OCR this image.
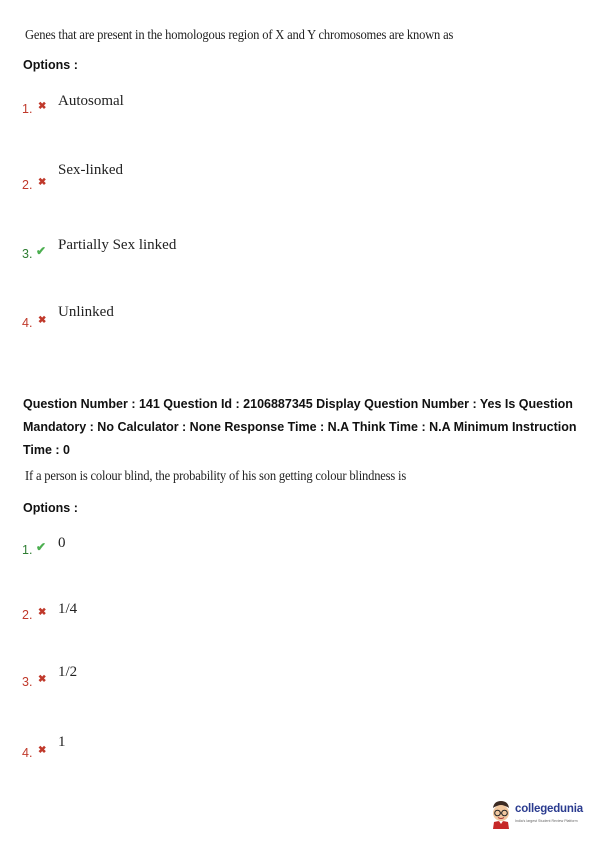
Genes that are present in the homologous region of X and Y chromosomes are known as
Options :
1. ✖ Autosomal
2. ✖
Sex-linked
3. ✔ Partially Sex linked
4. ✖
Unlinked
Question Number : 141 Question Id : 2106887345 Display Question Number : Yes Is Question Mandatory : No Calculator : None Response Time : N.A Think Time : N.A Minimum Instruction Time : 0
If a person is colour blind, the probability of his son getting colour blindness is
Options :
1. ✔ 0
2. ✖ 1/4
3. ✖ 1/2
4. ✖
1
collegedunia
India's largest Student Review Platform
